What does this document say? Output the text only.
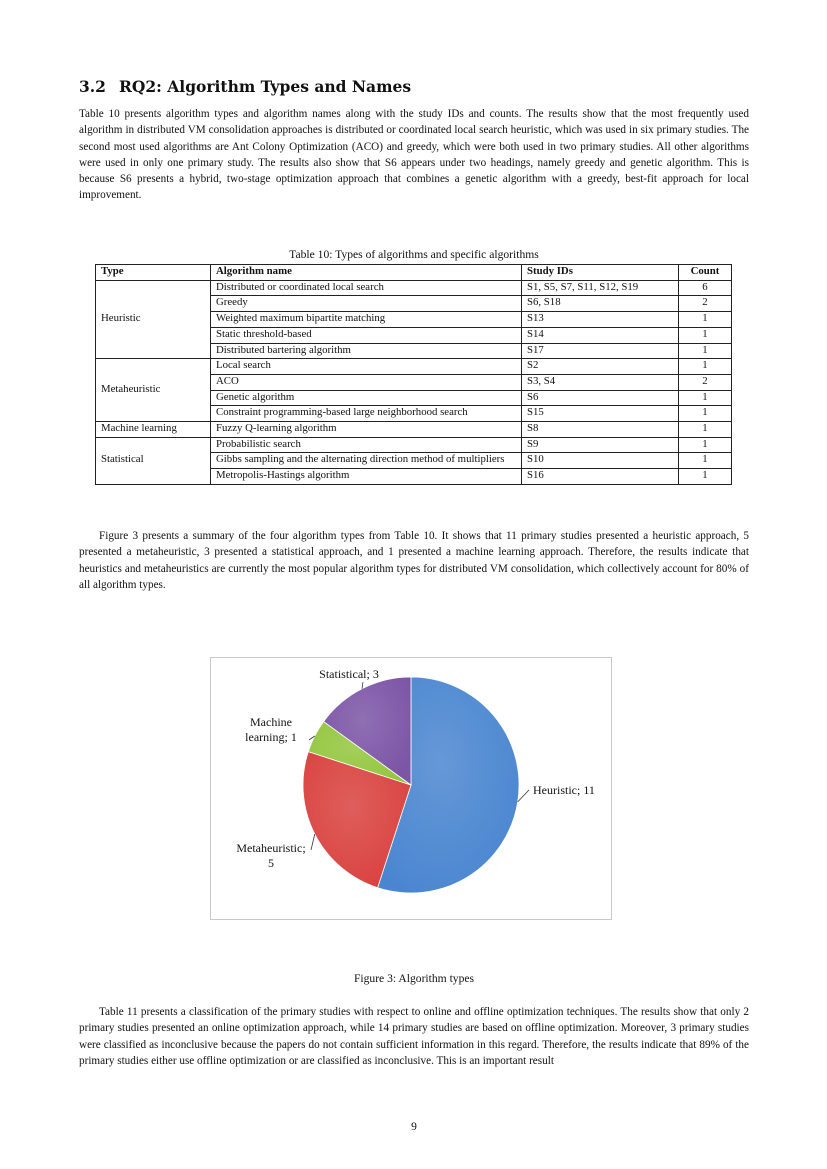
3.2 RQ2: Algorithm Types and Names

Table 10 presents algorithm types and algorithm names along with the study IDs and counts. The results show that the most frequently used algorithm in distributed VM consolidation approaches is distributed or coordinated local search heuristic, which was used in six primary studies. The second most used algorithms are Ant Colony Optimization (ACO) and greedy, which were both used in two primary studies. All other algorithms were used in only one primary study. The results also show that S6 appears under two headings, namely greedy and genetic algorithm. This is because S6 presents a hybrid, two-stage optimization approach that combines a genetic algorithm with a greedy, best-fit approach for local improvement.

Table 10: Types of algorithms and specific algorithms
Type	Algorithm name	Study IDs	Count
Heuristic	Distributed or coordinated local search	S1, S5, S7, S11, S12, S19	6
	Greedy	S6, S18	2
	Weighted maximum bipartite matching	S13	1
	Static threshold-based	S14	1
	Distributed bartering algorithm	S17	1
Metaheuristic	Local search	S2	1
	ACO	S3, S4	2
	Genetic algorithm	S6	1
	Constraint programming-based large neighborhood search	S15	1
Machine learning	Fuzzy Q-learning algorithm	S8	1
Statistical	Probabilistic search	S9	1
	Gibbs sampling and the alternating direction method of multipliers	S10	1
	Metropolis-Hastings algorithm	S16	1

Figure 3 presents a summary of the four algorithm types from Table 10. It shows that 11 primary studies presented a heuristic approach, 5 presented a metaheuristic, 3 presented a statistical approach, and 1 presented a machine learning approach. Therefore, the results indicate that heuristics and metaheuristics are currently the most popular algorithm types for distributed VM consolidation, which collectively account for 80% of all algorithm types.

Heuristic; 11
Metaheuristic; 5
Machine learning; 1
Statistical; 3
Figure 3: Algorithm types

Table 11 presents a classification of the primary studies with respect to online and offline optimization techniques. The results show that only 2 primary studies presented an online optimization approach, while 14 primary studies are based on offline optimization. Moreover, 3 primary studies were classified as inconclusive because the papers do not contain sufficient information in this regard. Therefore, the results indicate that 89% of the primary studies either use offline optimization or are classified as inconclusive. This is an important result

9
